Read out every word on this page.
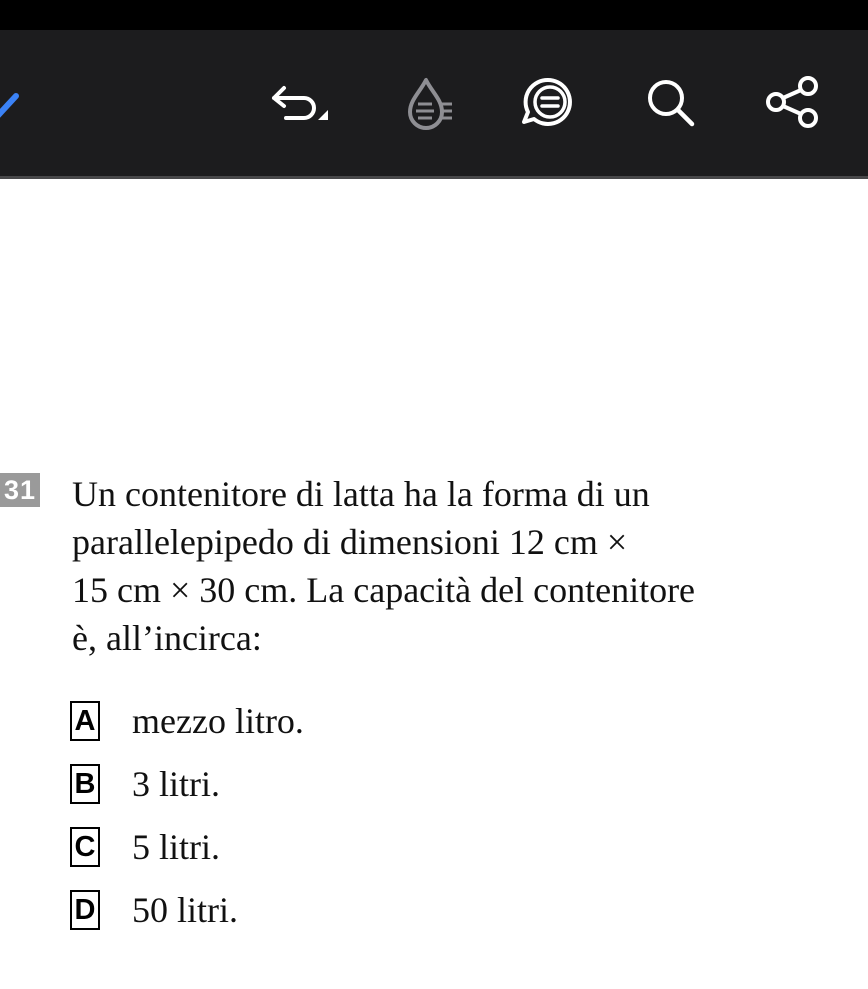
31 Un contenitore di latta ha la forma di un
parallelepipedo di dimensioni 12 cm ×
15 cm × 30 cm. La capacità del contenitore
è, all’incirca:

A mezzo litro.
B 3 litri.
C 5 litri.
D 50 litri.
